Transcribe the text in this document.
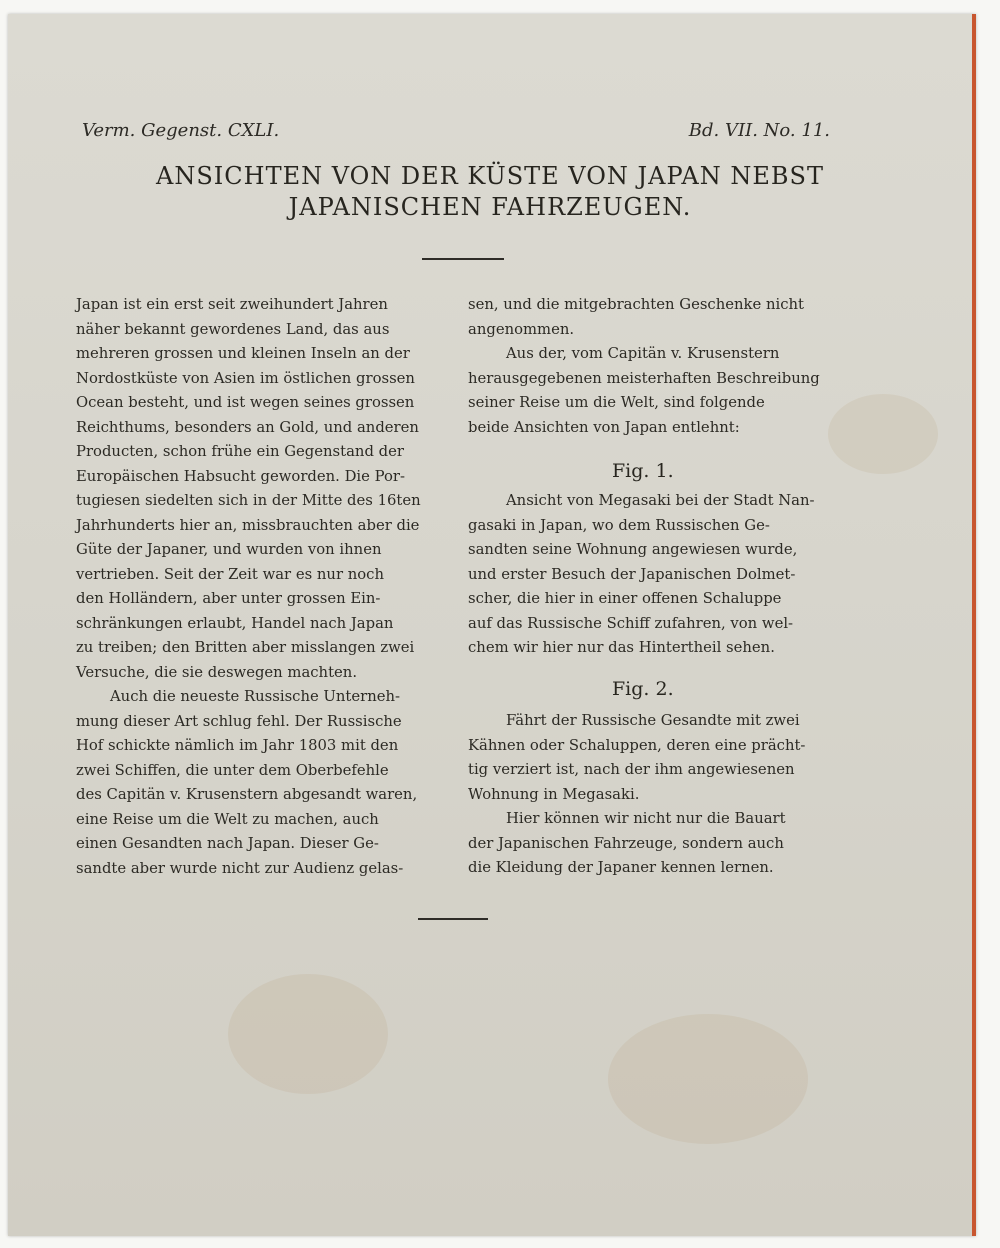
Verm. Gegenst. CXLI.	Bd. VII. No. 11.
ANSICHTEN VON DER KÜSTE VON JAPAN NEBST
JAPANISCHEN FAHRZEUGEN.
Japan ist ein erst seit zweihundert Jahren
näher bekannt gewordenes Land, das aus
mehreren grossen und kleinen Inseln an der
Nordostküste von Asien im östlichen grossen
Ocean besteht, und ist wegen seines grossen
Reichthums, besonders an Gold, und anderen
Producten, schon frühe ein Gegenstand der
Europäischen Habsucht geworden. Die Por-
tugiesen siedelten sich in der Mitte des 16ten
Jahrhunderts hier an, missbrauchten aber die
Güte der Japaner, und wurden von ihnen
vertrieben. Seit der Zeit war es nur noch
den Holländern, aber unter grossen Ein-
schränkungen erlaubt, Handel nach Japan
zu treiben; den Britten aber misslangen zwei
Versuche, die sie deswegen machten.
Auch die neueste Russische Unterneh-
mung dieser Art schlug fehl. Der Russische
Hof schickte nämlich im Jahr 1803 mit den
zwei Schiffen, die unter dem Oberbefehle
des Capitän v. Krusenstern abgesandt waren,
eine Reise um die Welt zu machen, auch
einen Gesandten nach Japan. Dieser Ge-
sandte aber wurde nicht zur Audienz gelas-
sen, und die mitgebrachten Geschenke nicht
angenommen.
Aus der, vom Capitän v. Krusenstern
herausgegebenen meisterhaften Beschreibung
seiner Reise um die Welt, sind folgende
beide Ansichten von Japan entlehnt:
Fig. 1.
Ansicht von Megasaki bei der Stadt Nan-
gasaki in Japan, wo dem Russischen Ge-
sandten seine Wohnung angewiesen wurde,
und erster Besuch der Japanischen Dolmet-
scher, die hier in einer offenen Schaluppe
auf das Russische Schiff zufahren, von wel-
chem wir hier nur das Hintertheil sehen.
Fig. 2.
Fährt der Russische Gesandte mit zwei
Kähnen oder Schaluppen, deren eine prächt-
tig verziert ist, nach der ihm angewiesenen
Wohnung in Megasaki.
Hier können wir nicht nur die Bauart
der Japanischen Fahrzeuge, sondern auch
die Kleidung der Japaner kennen lernen.
